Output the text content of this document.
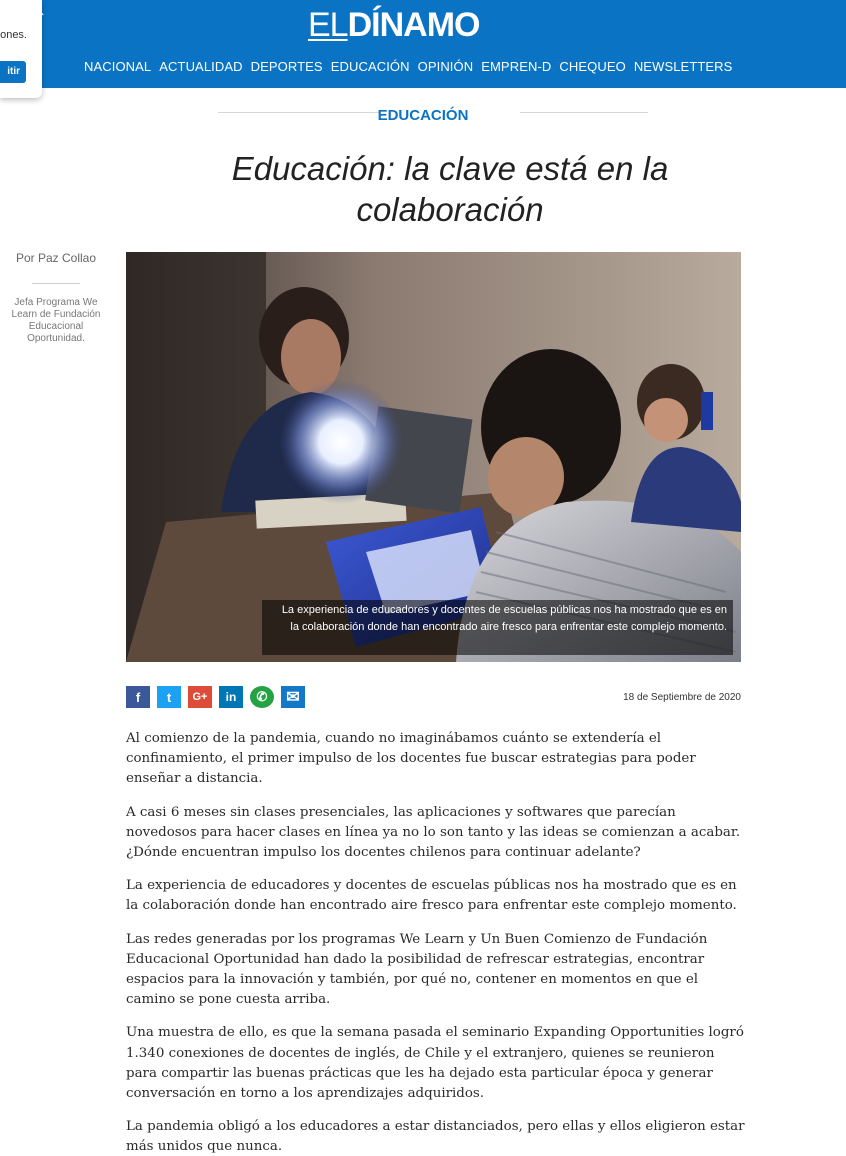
ELDÍNAMO
NACIONAL ACTUALIDAD DEPORTES EDUCACIÓN OPINIÓN EMPREN-D CHEQUEO NEWSLETTERS
ones.
itir
⌃
EDUCACIÓN
Educación: la clave está en la colaboración
Por Paz Collao
Jefa Programa We Learn de Fundación Educacional Oportunidad.
La experiencia de educadores y docentes de escuelas públicas nos ha mostrado que es en la colaboración donde han encontrado aire fresco para enfrentar este complejo momento.
f	t	G+	in	✆	✉	18 de Septiembre de 2020

Al comienzo de la pandemia, cuando no imaginábamos cuánto se extendería el confinamiento, el primer impulso de los docentes fue buscar estrategias para poder enseñar a distancia.

A casi 6 meses sin clases presenciales, las aplicaciones y softwares que parecían novedosos para hacer clases en línea ya no lo son tanto y las ideas se comienzan a acabar. ¿Dónde encuentran impulso los docentes chilenos para continuar adelante?

La experiencia de educadores y docentes de escuelas públicas nos ha mostrado que es en la colaboración donde han encontrado aire fresco para enfrentar este complejo momento.

Las redes generadas por los programas We Learn y Un Buen Comienzo de Fundación Educacional Oportunidad han dado la posibilidad de refrescar estrategias, encontrar espacios para la innovación y también, por qué no, contener en momentos en que el camino se pone cuesta arriba.

Una muestra de ello, es que la semana pasada el seminario Expanding Opportunities logró 1.340 conexiones de docentes de inglés, de Chile y el extranjero, quienes se reunieron para compartir las buenas prácticas que les ha dejado esta particular época y generar conversación en torno a los aprendizajes adquiridos.

La pandemia obligó a los educadores a estar distanciados, pero ellas y ellos eligieron estar más unidos que nunca.
